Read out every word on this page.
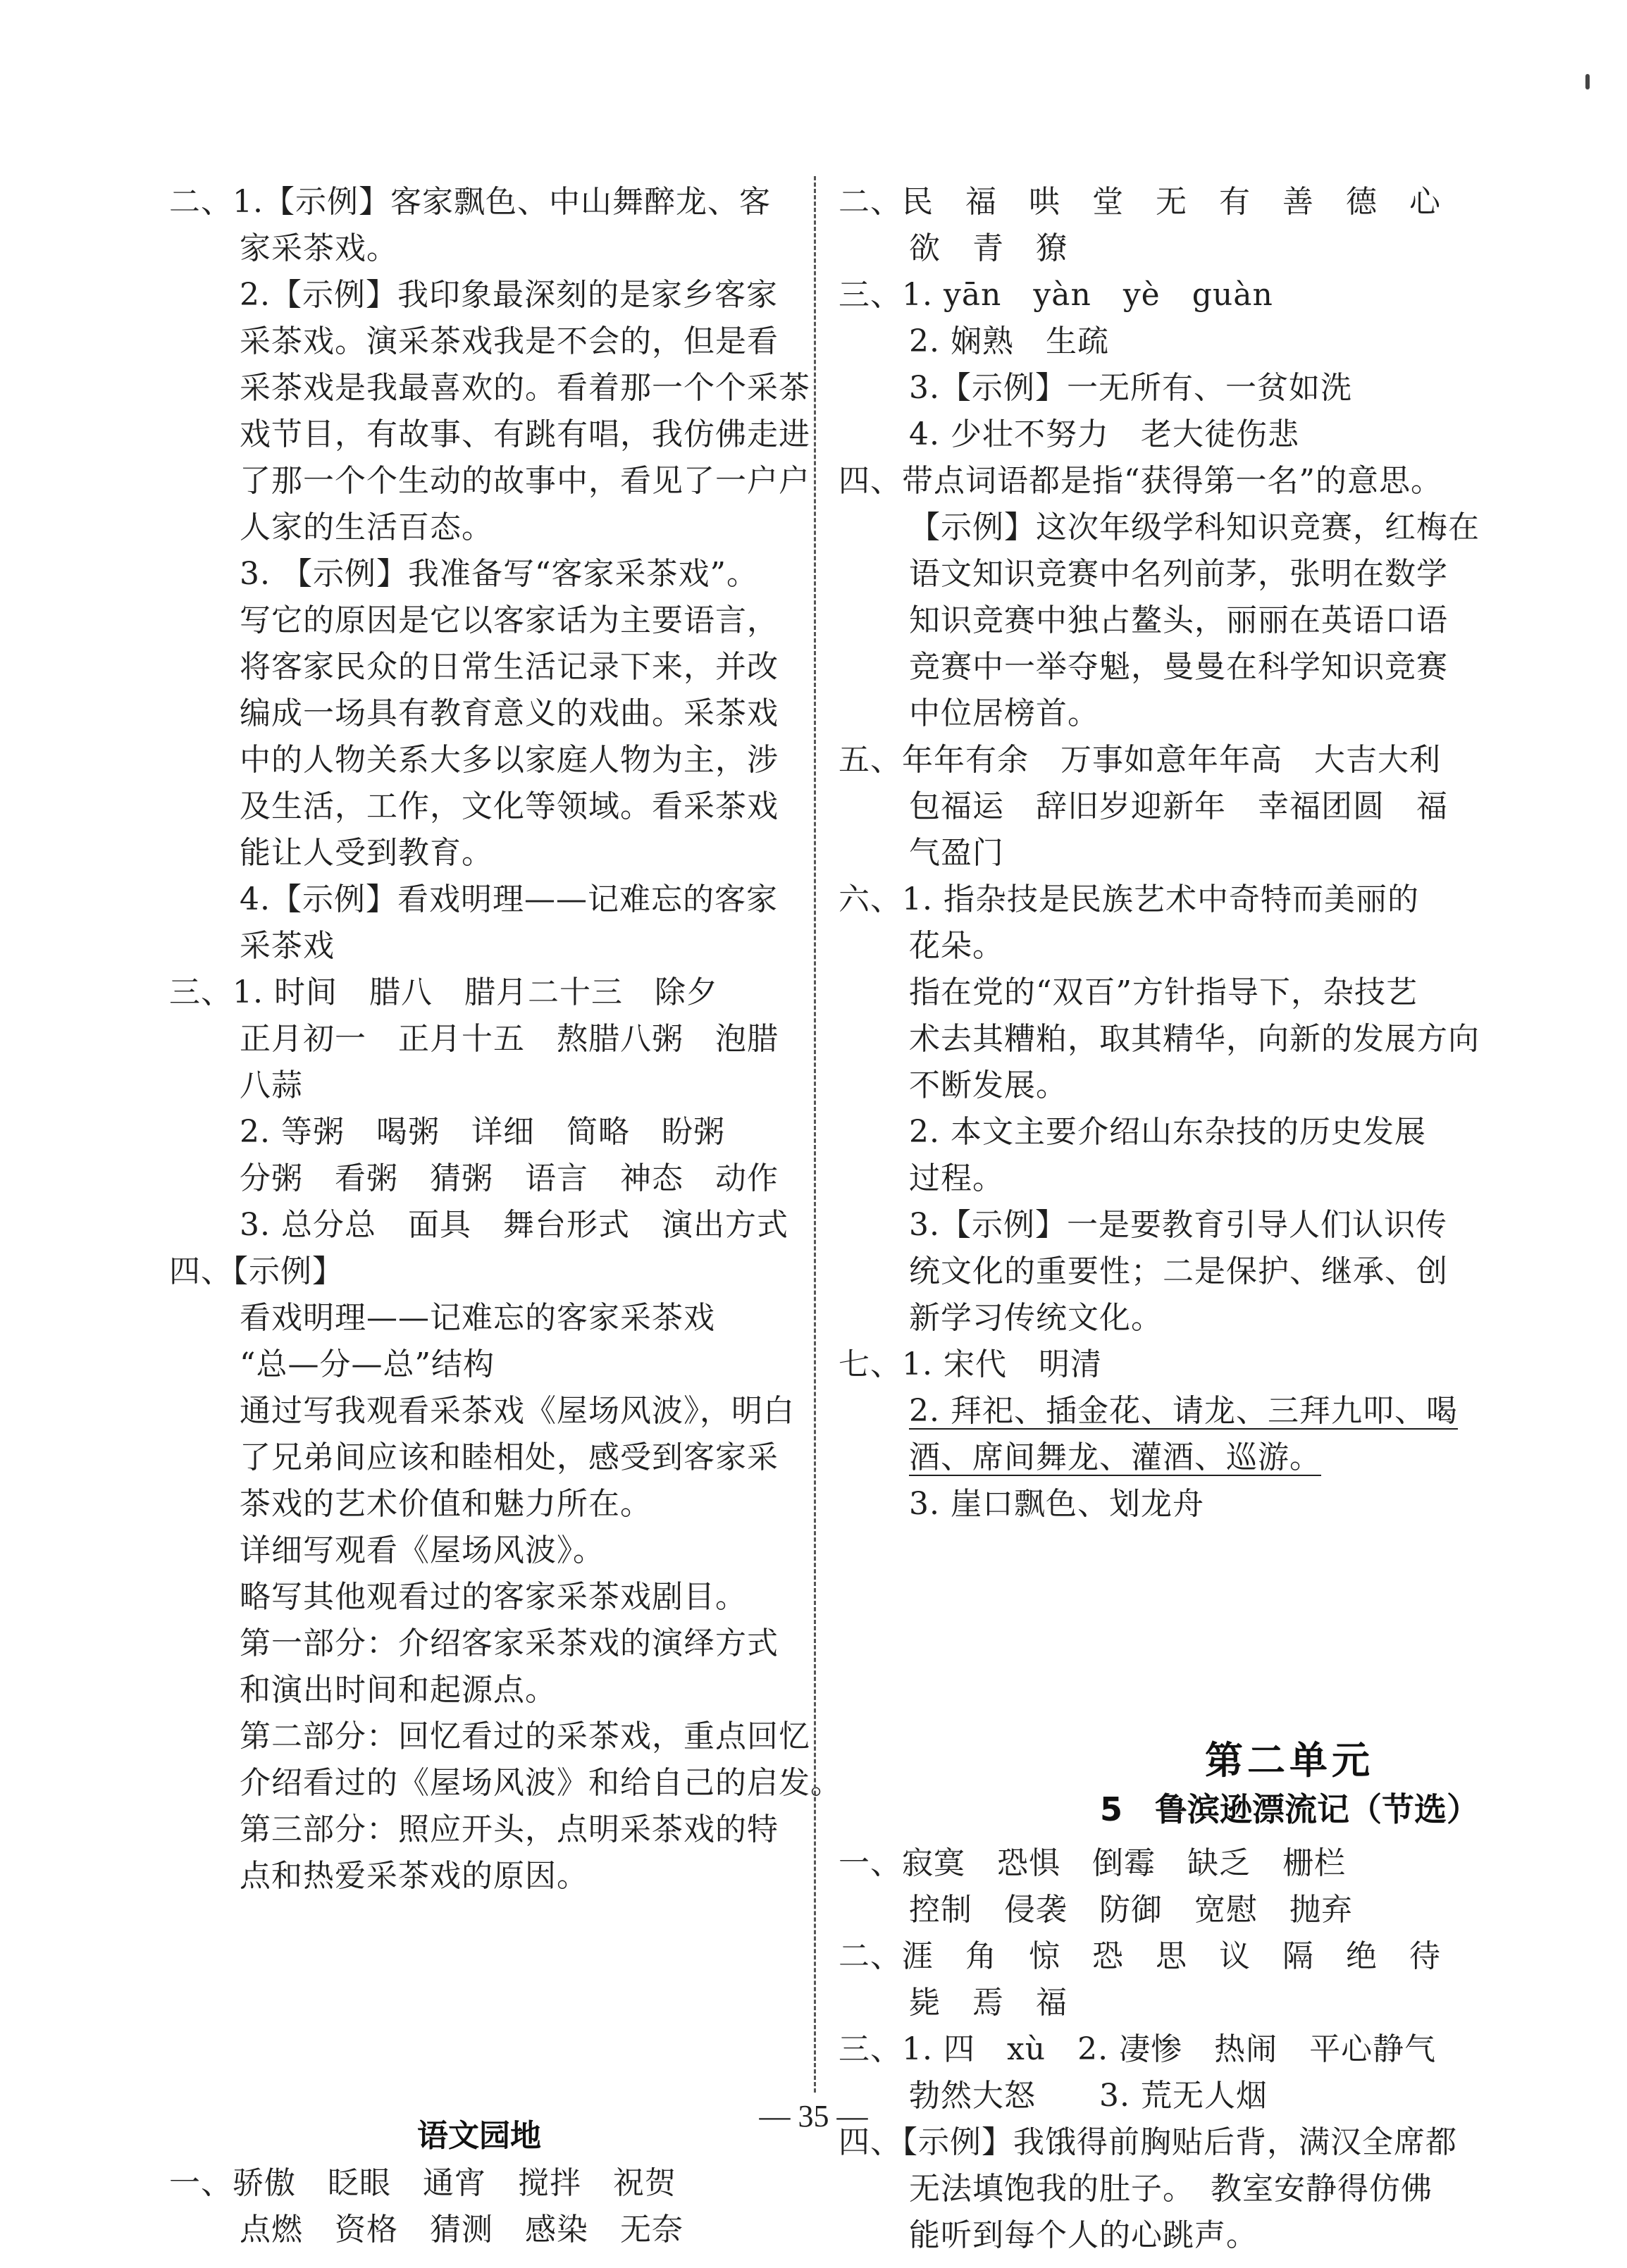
二、1.【示例】客家飘色、中山舞醉龙、客
家采茶戏。
2.【示例】我印象最深刻的是家乡客家
采茶戏。演采茶戏我是不会的，但是看
采茶戏是我最喜欢的。看着那一个个采茶
戏节目，有故事、有跳有唱，我仿佛走进
了那一个个生动的故事中，看见了一户户
人家的生活百态。
3. 【示例】我准备写“客家采茶戏”。
写它的原因是它以客家话为主要语言，
将客家民众的日常生活记录下来，并改
编成一场具有教育意义的戏曲。采茶戏
中的人物关系大多以家庭人物为主，涉
及生活，工作，文化等领域。看采茶戏
能让人受到教育。
4.【示例】看戏明理——记难忘的客家
采茶戏
三、1. 时间　腊八　腊月二十三　除夕
正月初一　正月十五　熬腊八粥　泡腊
八蒜
2. 等粥　喝粥　详细　简略　盼粥
分粥　看粥　猜粥　语言　神态　动作
3. 总分总　面具　舞台形式　演出方式
四、【示例】
看戏明理——记难忘的客家采茶戏
“总—分—总”结构
通过写我观看采茶戏《屋场风波》，明白
了兄弟间应该和睦相处，感受到客家采
茶戏的艺术价值和魅力所在。
详细写观看《屋场风波》。
略写其他观看过的客家采茶戏剧目。
第一部分：介绍客家采茶戏的演绎方式
和演出时间和起源点。
第二部分：回忆看过的采茶戏，重点回忆
介绍看过的《屋场风波》和给自己的启发。
第三部分：照应开头，点明采茶戏的特
点和热爱采茶戏的原因。
语文园地
一、骄傲　眨眼　通宵　搅拌　祝贺
点燃　资格　猜测　感染　无奈
二、民　福　哄　堂　无　有　善　德　心
欲　青　獠
三、1. yān　yàn　yè　guàn
2. 娴熟　生疏
3.【示例】一无所有、一贫如洗
4. 少壮不努力　老大徒伤悲
四、带点词语都是指“获得第一名”的意思。
【示例】这次年级学科知识竞赛，红梅在
语文知识竞赛中名列前茅，张明在数学
知识竞赛中独占鳌头，丽丽在英语口语
竞赛中一举夺魁，曼曼在科学知识竞赛
中位居榜首。
五、年年有余　万事如意年年高　大吉大利
包福运　辞旧岁迎新年　幸福团圆　福
气盈门
六、1. 指杂技是民族艺术中奇特而美丽的
花朵。
指在党的“双百”方针指导下，杂技艺
术去其糟粕，取其精华，向新的发展方向
不断发展。
2. 本文主要介绍山东杂技的历史发展
过程。
3.【示例】一是要教育引导人们认识传
统文化的重要性；二是保护、继承、创
新学习传统文化。
七、1. 宋代　明清
2. 拜祀、插金花、请龙、三拜九叩、喝
酒、席间舞龙、灌酒、巡游。
3. 崖口飘色、划龙舟
第二单元
5　鲁滨逊漂流记（节选）
一、寂寞　恐惧　倒霉　缺乏　栅栏
控制　侵袭　防御　宽慰　抛弃
二、涯　角　惊　恐　思　议　隔　绝　待
毙　焉　福
三、1. 四　xù　2. 凄惨　热闹　平心静气
勃然大怒　　3. 荒无人烟
四、【示例】我饿得前胸贴后背，满汉全席都
无法填饱我的肚子。　教室安静得仿佛
能听到每个人的心跳声。
— 35 —
